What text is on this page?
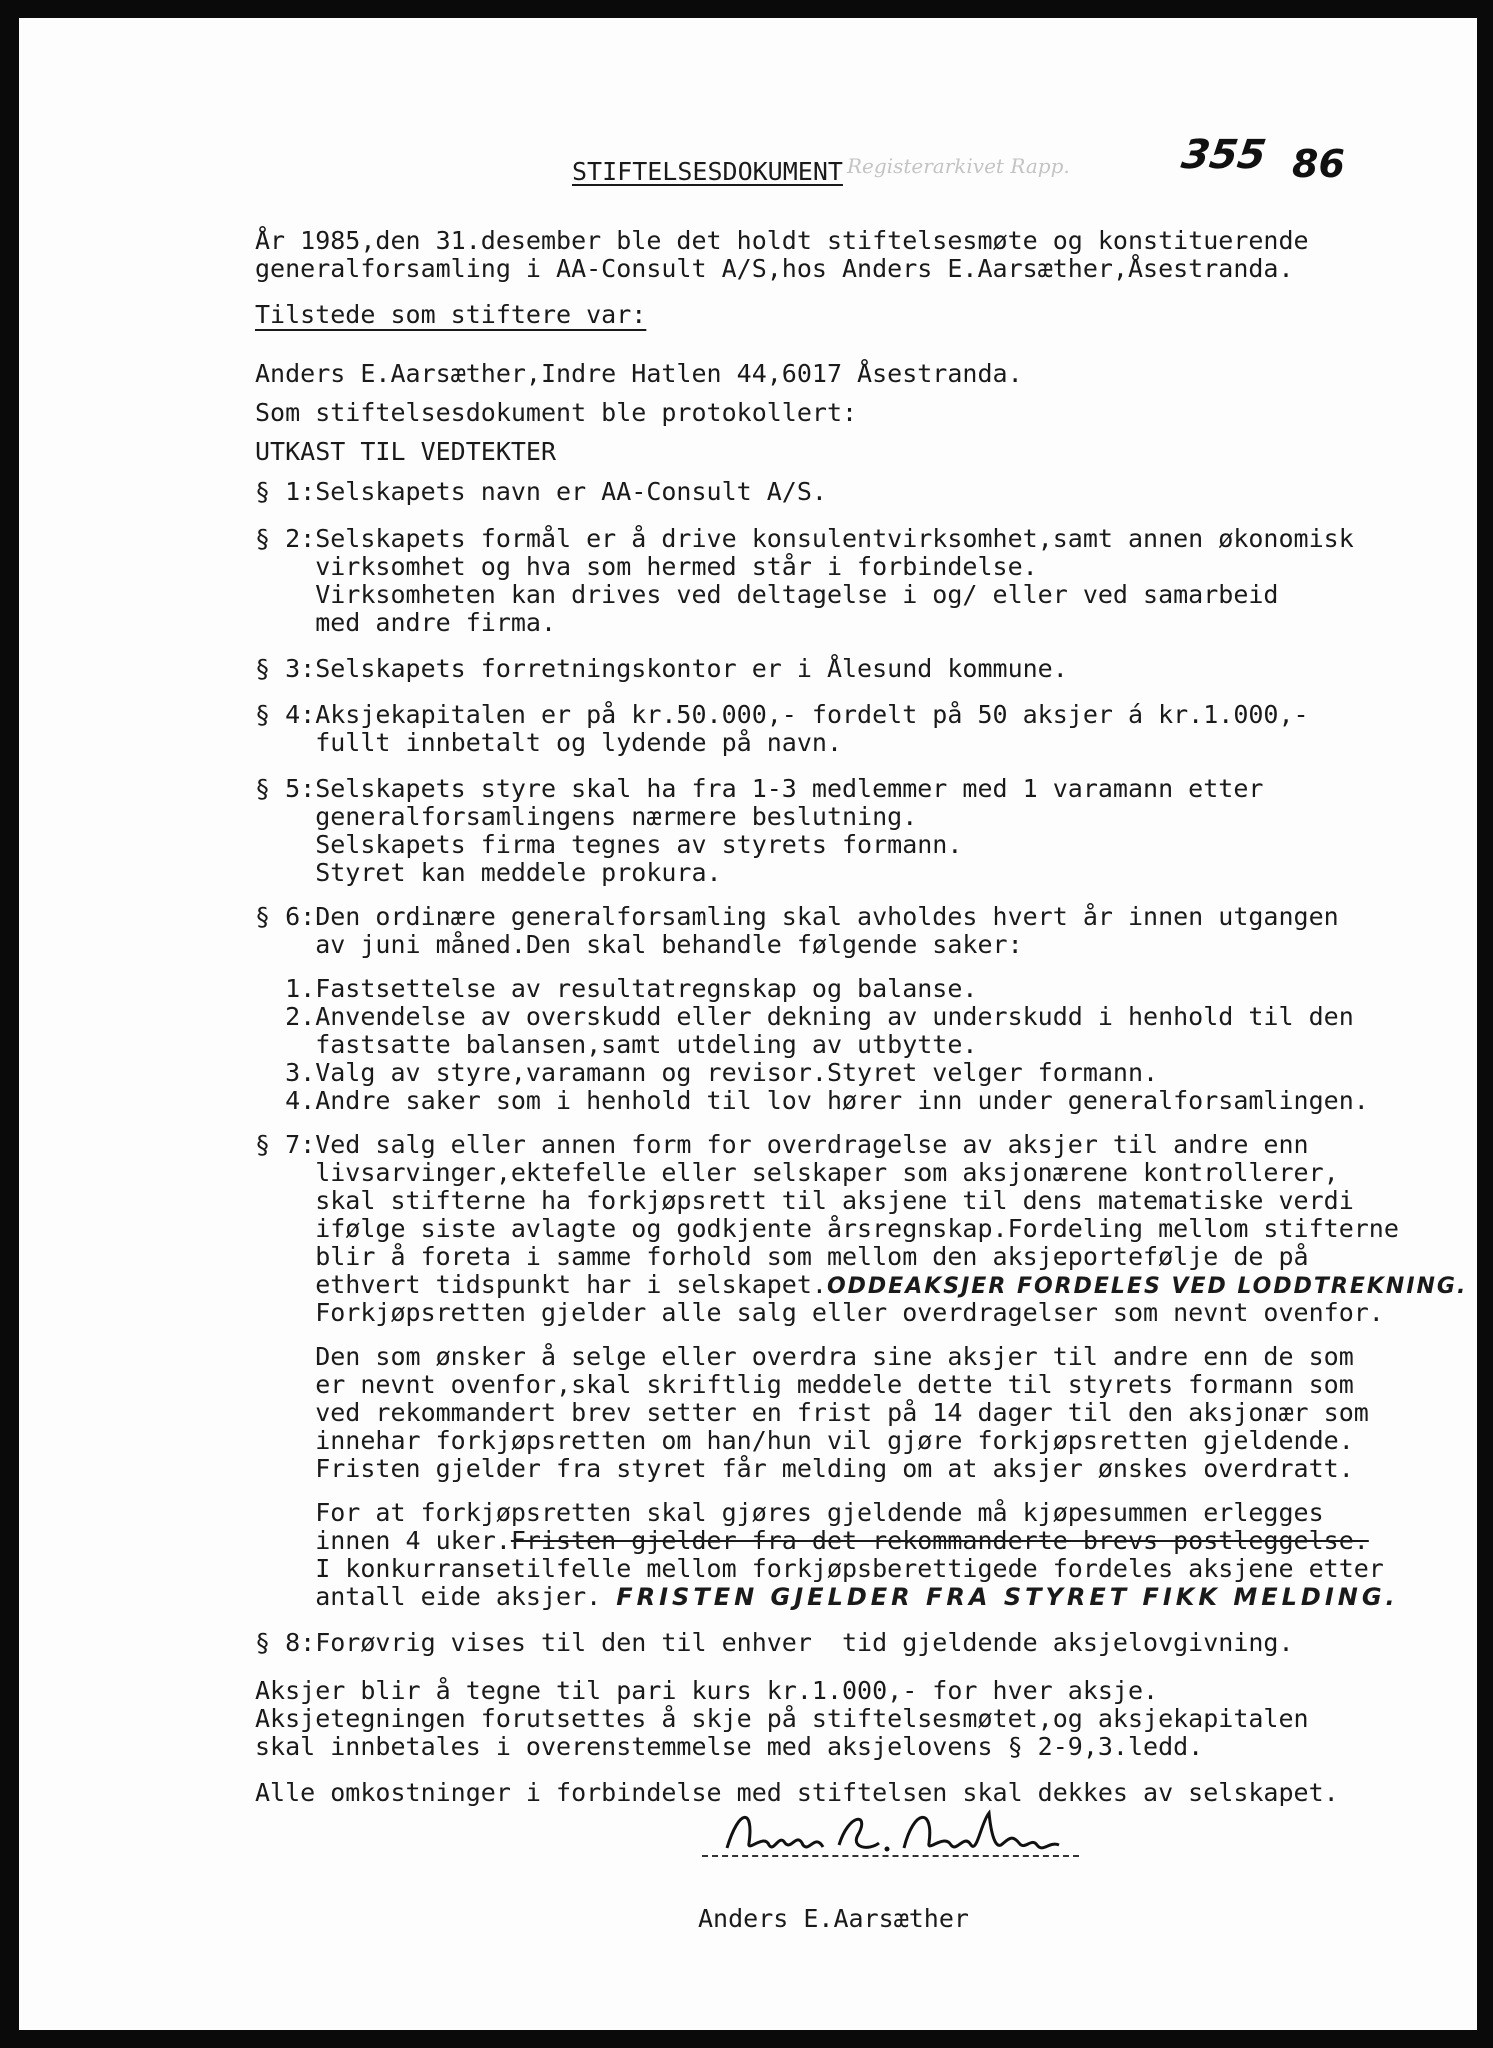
STIFTELSESDOKUMENT Registerarkivet Rapp.	355 86
År 1985,den 31.desember ble det holdt stiftelsesmøte og konstituerende
generalforsamling i AA-Consult A/S,hos Anders E.Aarsæther,Åsestranda.
Tilstede som stiftere var:
Anders E.Aarsæther,Indre Hatlen 44,6017 Åsestranda.
Som stiftelsesdokument ble protokollert:
UTKAST TIL VEDTEKTER
§ 1:Selskapets navn er AA-Consult A/S.
§ 2:Selskapets formål er å drive konsulentvirksomhet,samt annen økonomisk
virksomhet og hva som hermed står i forbindelse.
Virksomheten kan drives ved deltagelse i og/ eller ved samarbeid
med andre firma.
§ 3:Selskapets forretningskontor er i Ålesund kommune.
§ 4:Aksjekapitalen er på kr.50.000,- fordelt på 50 aksjer á kr.1.000,-
fullt innbetalt og lydende på navn.
§ 5:Selskapets styre skal ha fra 1-3 medlemmer med 1 varamann etter
generalforsamlingens nærmere beslutning.
Selskapets firma tegnes av styrets formann.
Styret kan meddele prokura.
§ 6:Den ordinære generalforsamling skal avholdes hvert år innen utgangen
av juni måned.Den skal behandle følgende saker:
1.Fastsettelse av resultatregnskap og balanse.
2.Anvendelse av overskudd eller dekning av underskudd i henhold til den
fastsatte balansen,samt utdeling av utbytte.
3.Valg av styre,varamann og revisor.Styret velger formann.
4.Andre saker som i henhold til lov hører inn under generalforsamlingen.
§ 7:Ved salg eller annen form for overdragelse av aksjer til andre enn
livsarvinger,ektefelle eller selskaper som aksjonærene kontrollerer,
skal stifterne ha forkjøpsrett til aksjene til dens matematiske verdi
ifølge siste avlagte og godkjente årsregnskap.Fordeling mellom stifterne
blir å foreta i samme forhold som mellom den aksjeportefølje de på
ethvert tidspunkt har i selskapet.ODDEAKSJER FORDELES VED LODDTREKNING.
Forkjøpsretten gjelder alle salg eller overdragelser som nevnt ovenfor.
Den som ønsker å selge eller overdra sine aksjer til andre enn de som
er nevnt ovenfor,skal skriftlig meddele dette til styrets formann som
ved rekommandert brev setter en frist på 14 dager til den aksjonær som
innehar forkjøpsretten om han/hun vil gjøre forkjøpsretten gjeldende.
Fristen gjelder fra styret får melding om at aksjer ønskes overdratt.
For at forkjøpsretten skal gjøres gjeldende må kjøpesummen erlegges
innen 4 uker.Fristen gjelder fra det rekommanderte brevs postleggelse.
I konkurransetilfelle mellom forkjøpsberettigede fordeles aksjene etter
antall eide aksjer. FRISTEN GJELDER FRA STYRET FIKK MELDING.
§ 8:Forøvrig vises til den til enhver  tid gjeldende aksjelovgivning.
Aksjer blir å tegne til pari kurs kr.1.000,- for hver aksje.
Aksjetegningen forutsettes å skje på stiftelsesmøtet,og aksjekapitalen
skal innbetales i overenstemmelse med aksjelovens § 2-9,3.ledd.
Alle omkostninger i forbindelse med stiftelsen skal dekkes av selskapet.
Anders E.Aarsæther
